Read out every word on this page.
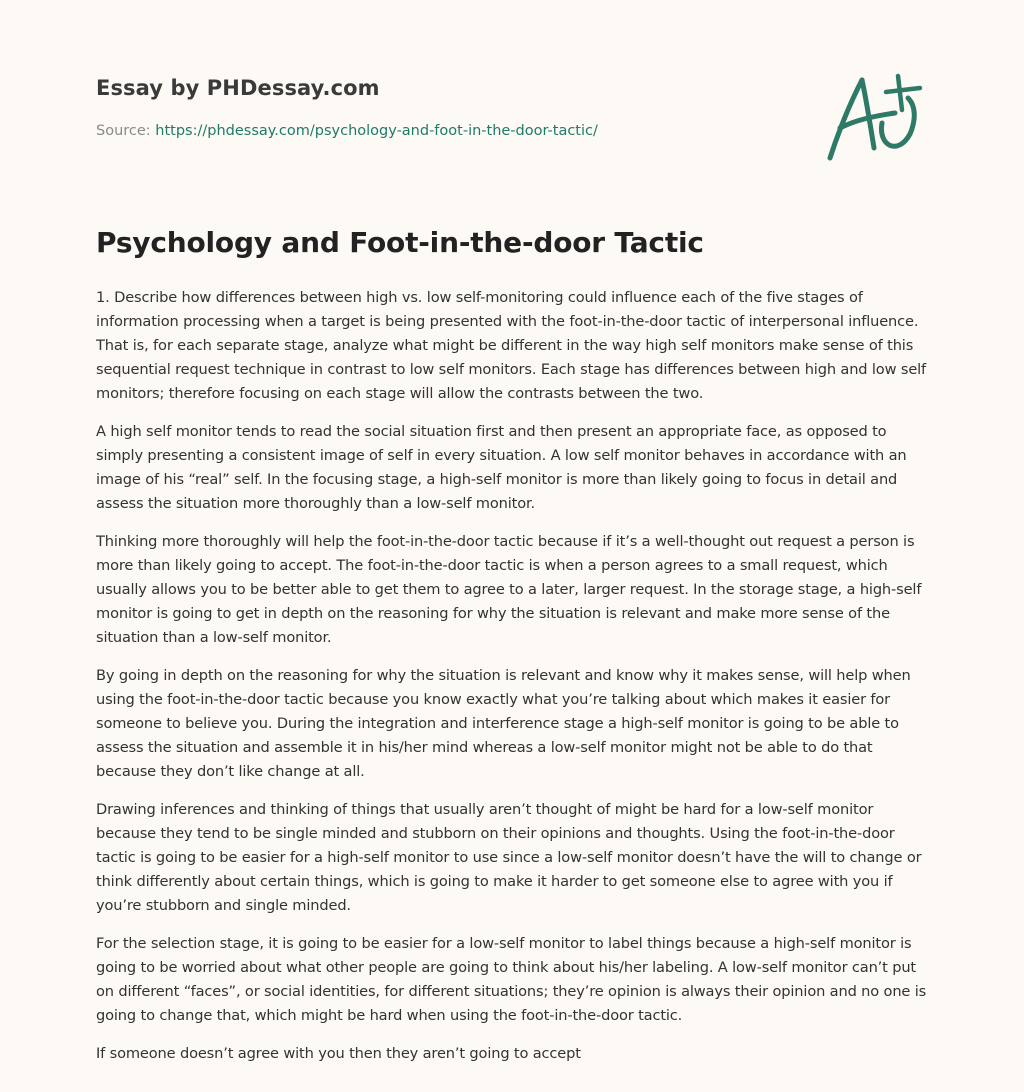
Essay by PHDessay.com

Source: https://phdessay.com/psychology-and-foot-in-the-door-tactic/

Psychology and Foot-in-the-door Tactic

1. Describe how differences between high vs. low self-monitoring could influence each of the five stages of information processing when a target is being presented with the foot-in-the-door tactic of interpersonal influence. That is, for each separate stage, analyze what might be different in the way high self monitors make sense of this sequential request technique in contrast to low self monitors. Each stage has differences between high and low self monitors; therefore focusing on each stage will allow the contrasts between the two.

A high self monitor tends to read the social situation first and then present an appropriate face, as opposed to simply presenting a consistent image of self in every situation. A low self monitor behaves in accordance with an image of his “real” self. In the focusing stage, a high-self monitor is more than likely going to focus in detail and assess the situation more thoroughly than a low-self monitor.

Thinking more thoroughly will help the foot-in-the-door tactic because if it’s a well-thought out request a person is more than likely going to accept. The foot-in-the-door tactic is when a person agrees to a small request, which usually allows you to be better able to get them to agree to a later, larger request. In the storage stage, a high-self monitor is going to get in depth on the reasoning for why the situation is relevant and make more sense of the situation than a low-self monitor.

By going in depth on the reasoning for why the situation is relevant and know why it makes sense, will help when using the foot-in-the-door tactic because you know exactly what you’re talking about which makes it easier for someone to believe you. During the integration and interference stage a high-self monitor is going to be able to assess the situation and assemble it in his/her mind whereas a low-self monitor might not be able to do that because they don’t like change at all.

Drawing inferences and thinking of things that usually aren’t thought of might be hard for a low-self monitor because they tend to be single minded and stubborn on their opinions and thoughts. Using the foot-in-the-door tactic is going to be easier for a high-self monitor to use since a low-self monitor doesn’t have the will to change or think differently about certain things, which is going to make it harder to get someone else to agree with you if you’re stubborn and single minded.

For the selection stage, it is going to be easier for a low-self monitor to label things because a high-self monitor is going to be worried about what other people are going to think about his/her labeling. A low-self monitor can’t put on different “faces”, or social identities, for different situations; they’re opinion is always their opinion and no one is going to change that, which might be hard when using the foot-in-the-door tactic.

If someone doesn’t agree with you then they aren’t going to accept
